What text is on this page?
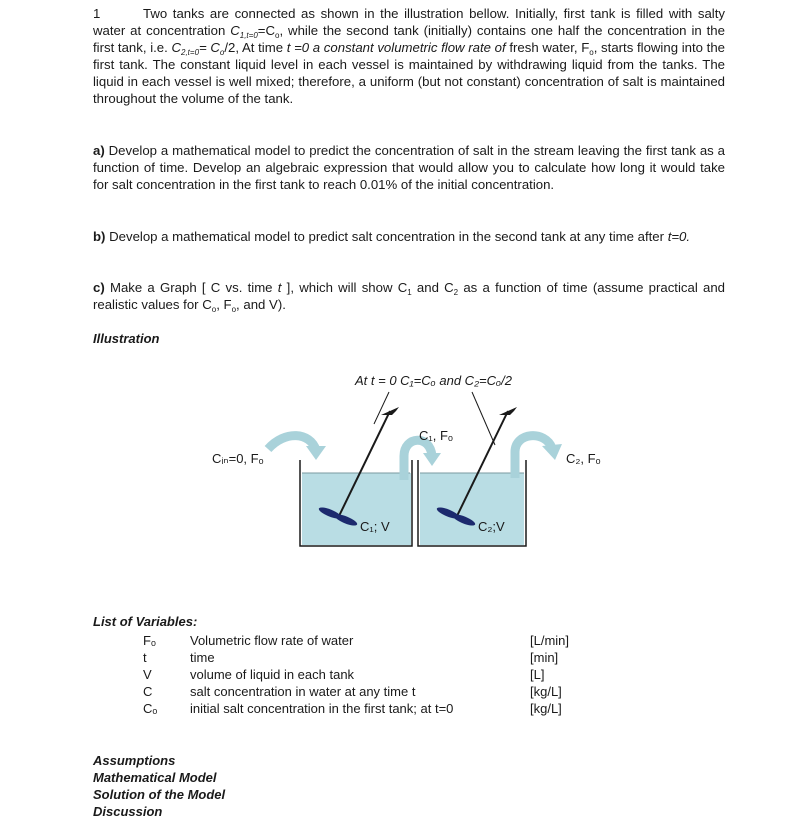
1	Two tanks are connected as shown in the illustration bellow. Initially, first tank is filled with salty water at concentration $C_{1,t=0}=C_o$, while the second tank (initially) contains one half the concentration in the first tank, i.e. $C_{2,t=0}= C_o/2$, At time t =0 a constant volumetric flow rate of fresh water, $F_o$, starts flowing into the first tank. The constant liquid level in each vessel is maintained by withdrawing liquid from the tanks. The liquid in each vessel is well mixed; therefore, a uniform (but not constant) concentration of salt is maintained throughout the volume of the tank.
a) Develop a mathematical model to predict the concentration of salt in the stream leaving the first tank as a function of time. Develop an algebraic expression that would allow you to calculate how long it would take for salt concentration in the first tank to reach 0.01% of the initial concentration.
b) Develop a mathematical model to predict salt concentration in the second tank at any time after t=0.
c) Make a Graph [ C vs. time t ], which will show $C_1$ and $C_2$ as a function of time (assume practical and realistic values for $C_o$, $F_o$, and V).
Illustration
At t = 0 C₁=Cₒ and C₂=Cₒ/2
Cᵢₙ=0, Fₒ
C₁, Fₒ
C₂, Fₒ
C₁; V	C₂;V
List of Variables:
Fₒ	Volumetric flow rate of water	[L/min]
t	time	[min]
V	volume of liquid in each tank	[L]
C	salt concentration in water at any time t	[kg/L]
Cₒ	initial salt concentration in the first tank; at t=0	[kg/L]
Assumptions
Mathematical Model
Solution of the Model
Discussion
